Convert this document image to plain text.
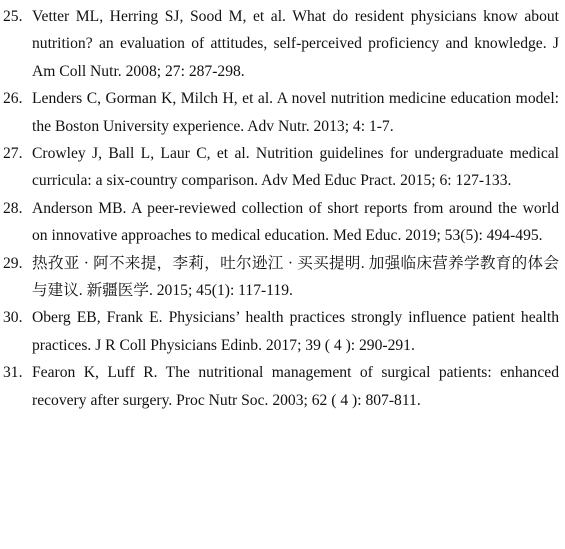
25. Vetter ML, Herring SJ, Sood M, et al. What do resident physicians know about nutrition? an evaluation of attitudes, self-perceived proficiency and knowledge. J Am Coll Nutr. 2008; 27: 287-298.
26. Lenders C, Gorman K, Milch H, et al. A novel nutrition medicine education model: the Boston University experience. Adv Nutr. 2013; 4: 1-7.
27. Crowley J, Ball L, Laur C, et al. Nutrition guidelines for undergraduate medical curricula: a six-country comparison. Adv Med Educ Pract. 2015; 6: 127-133.
28. Anderson MB. A peer-reviewed collection of short reports from around the world on innovative approaches to medical education. Med Educ. 2019; 53(5): 494-495.
29. 热孜亚 · 阿不来提，李莉，吐尔逊江 · 买买提明. 加强临床营养学教育的体会与建议. 新疆医学. 2015; 45(1): 117-119.
30. Oberg EB, Frank E. Physicians’ health practices strongly influence patient health practices. J R Coll Physicians Edinb. 2017; 39 ( 4 ): 290-291.
31. Fearon K, Luff R. The nutritional management of surgical patients: enhanced recovery after surgery. Proc Nutr Soc. 2003; 62 ( 4 ): 807-811.
